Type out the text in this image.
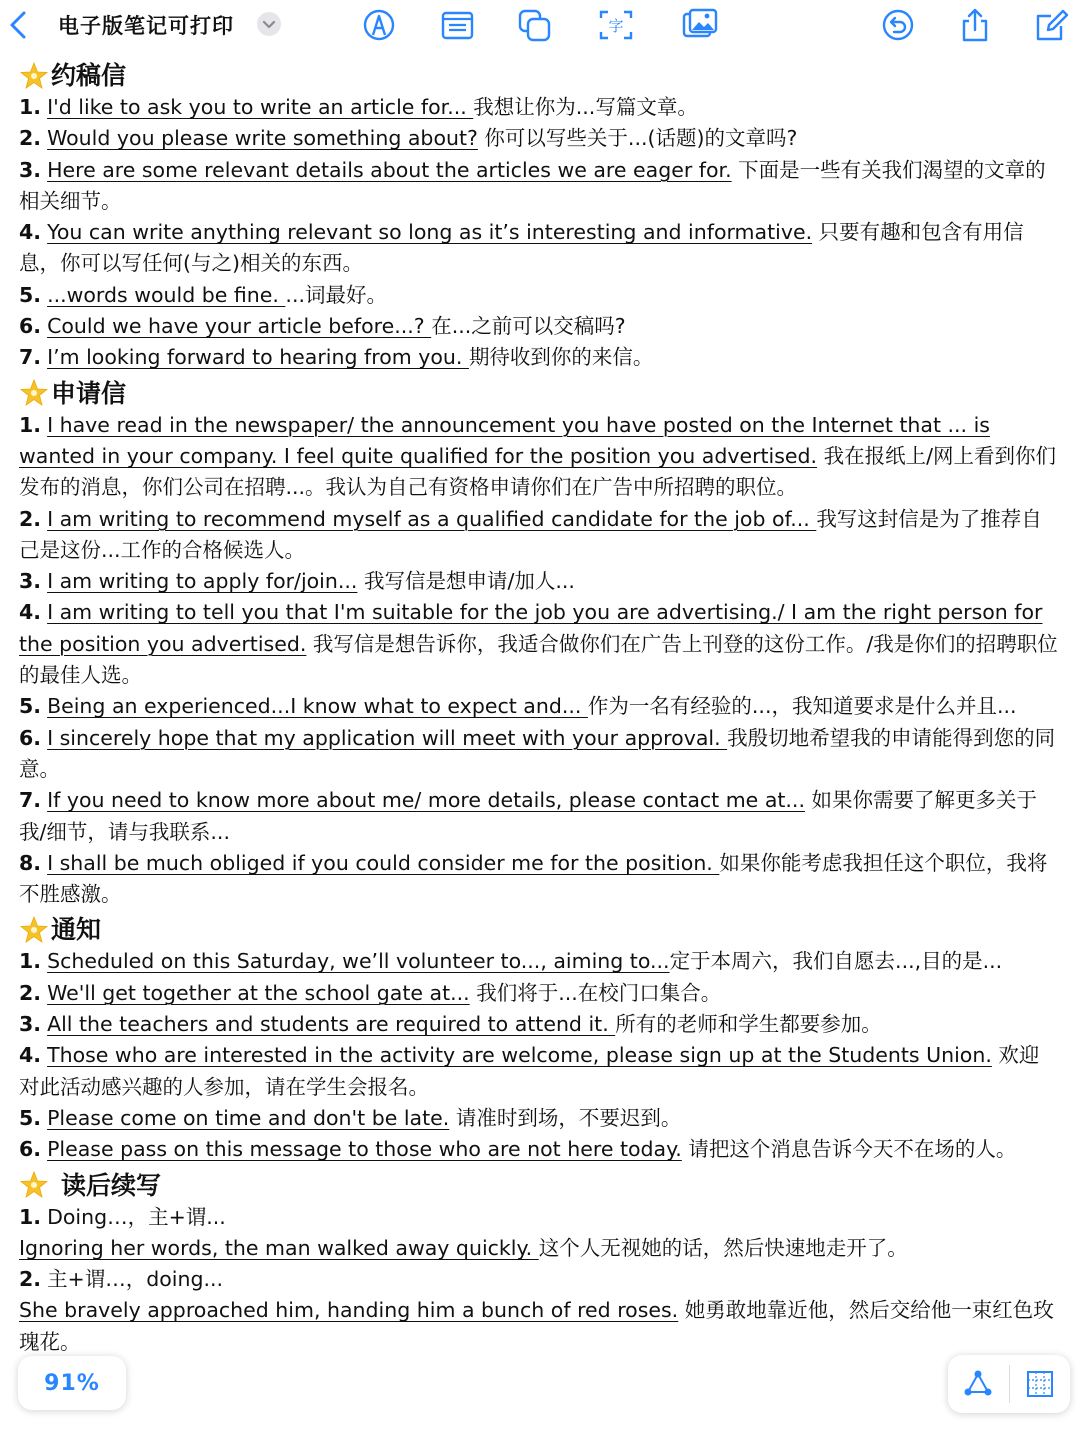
电子版笔记可打印	字
约稿信
1. I'd like to ask you to write an article for... 我想让你为...写篇文章。
2. Would you please write something about? 你可以写些关于...(话题)的文章吗?
3. Here are some relevant details about the articles we are eager for. 下面是一些有关我们渴望的文章的相关细节。
4. You can write anything relevant so long as it’s interesting and informative. 只要有趣和包含有用信息，你可以写任何(与之)相关的东西。
5. ...words would be fine. ...词最好。
6. Could we have your article before...? 在...之前可以交稿吗?
7. I’m looking forward to hearing from you. 期待收到你的来信。
申请信
1. I have read in the newspaper/ the announcement you have posted on the Internet that ... is wanted in your company. I feel quite qualified for the position you advertised. 我在报纸上/网上看到你们发布的消息，你们公司在招聘...。我认为自己有资格申请你们在广告中所招聘的职位。
2. I am writing to recommend myself as a qualified candidate for the job of... 我写这封信是为了推荐自己是这份...工作的合格候选人。
3. I am writing to apply for/join... 我写信是想申请/加人...
4. I am writing to tell you that I'm suitable for the job you are advertising./ I am the right person for the position you advertised. 我写信是想告诉你，我适合做你们在广告上刊登的这份工作。/我是你们的招聘职位的最佳人选。
5. Being an experienced...I know what to expect and... 作为一名有经验的...，我知道要求是什么并且...
6. I sincerely hope that my application will meet with your approval. 我殷切地希望我的申请能得到您的同意。
7. If you need to know more about me/ more details, please contact me at... 如果你需要了解更多关于我/细节，请与我联系...
8. I shall be much obliged if you could consider me for the position. 如果你能考虑我担任这个职位，我将不胜感激。
通知
1. Scheduled on this Saturday, we’ll volunteer to..., aiming to...定于本周六，我们自愿去...,目的是...
2. We'll get together at the school gate at... 我们将于...在校门口集合。
3. All the teachers and students are required to attend it. 所有的老师和学生都要参加。
4. Those who are interested in the activity are welcome, please sign up at the Students Union. 欢迎对此活动感兴趣的人参加，请在学生会报名。
5. Please come on time and don't be late. 请准时到场，不要迟到。
6. Please pass on this message to those who are not here today. 请把这个消息告诉今天不在场的人。
读后续写
1. Doing…，主+谓...
Ignoring her words, the man walked away quickly. 这个人无视她的话，然后快速地走开了。
2. 主+谓…，doing...
She bravely approached him, handing him a bunch of red roses. 她勇敢地靠近他，然后交给他一束红色玫瑰花。
91%
